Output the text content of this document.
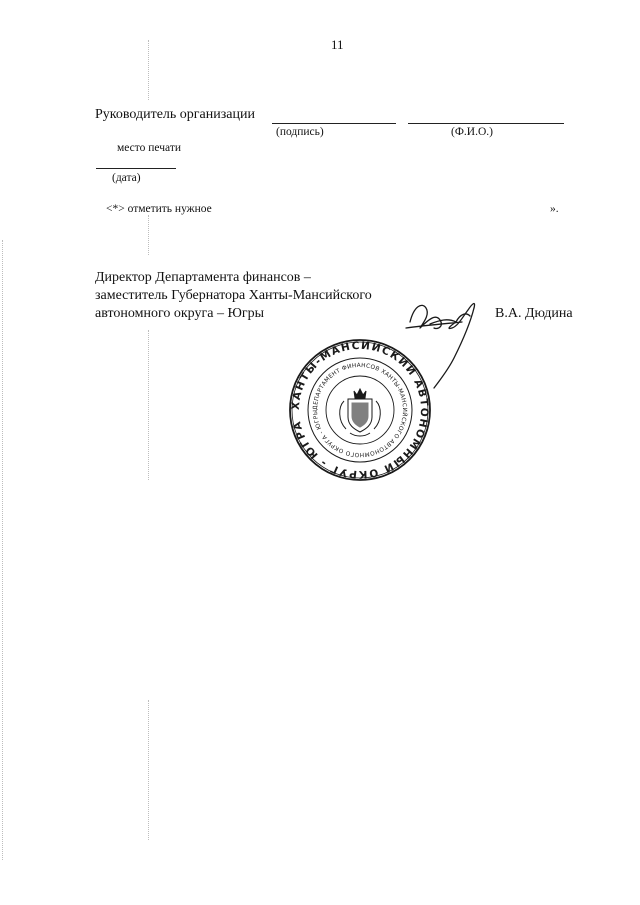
11
Руководитель организации
(подпись)	(Ф.И.О.)
место печати
(дата)
<*> отметить нужное	».
Директор Департамента финансов –
заместитель Губернатора Ханты-Мансийского
автономного округа – Югры	В.А. Дюдина
ХАНТЫ-МАНСИЙСКИЙ АВТОНОМНЫЙ ОКРУГ - ЮГРА
ДЕПАРТАМЕНТ ФИНАНСОВ ХАНТЫ-МАНСИЙСКОГО АВТОНОМНОГО ОКРУГА - ЮГРЫ
